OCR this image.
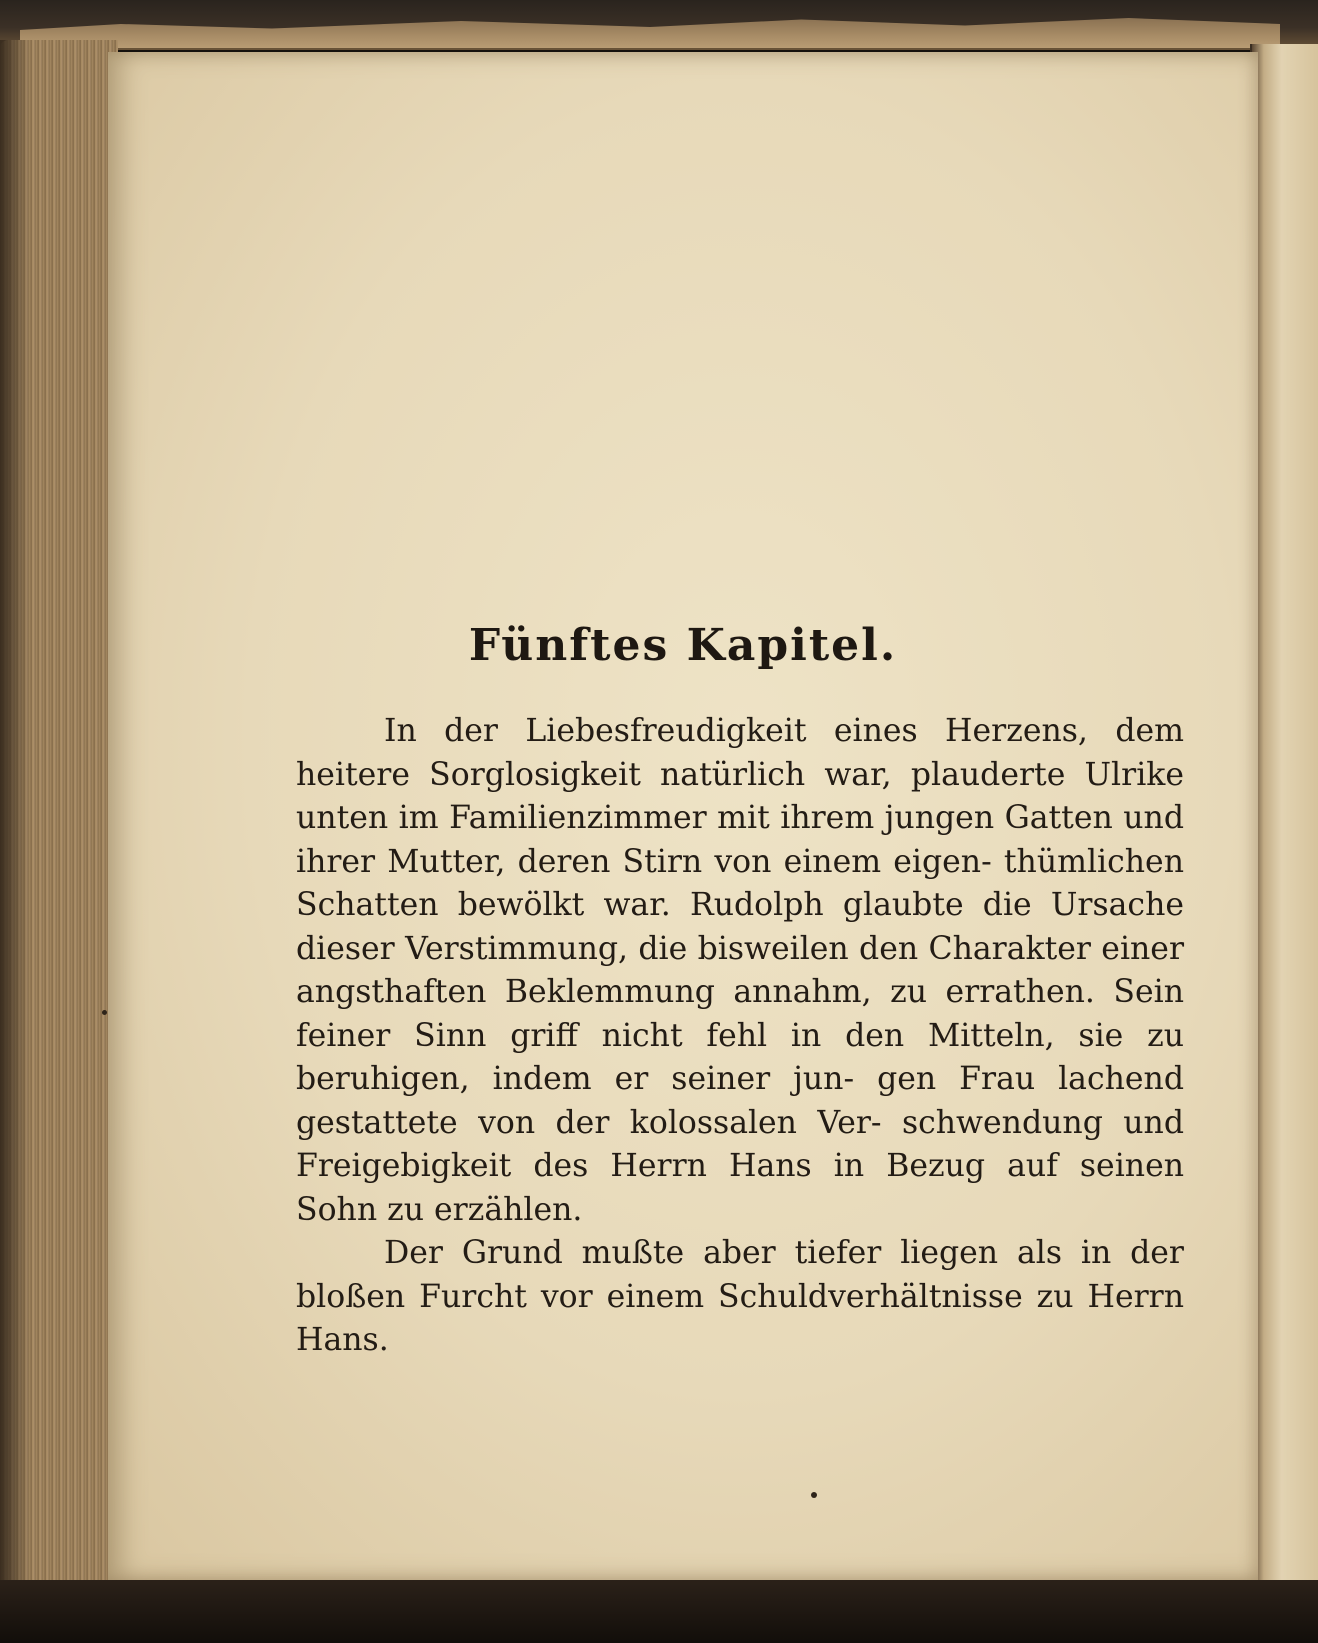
Fünftes Kapitel.

In der Liebesfreudigkeit eines Herzens, dem heitere Sorglosigkeit natürlich war, plauderte Ulrike unten im Familienzimmer mit ihrem jungen Gatten und ihrer Mutter, deren Stirn von einem eigen- thümlichen Schatten bewölkt war. Rudolph glaubte die Ursache dieser Verstimmung, die bisweilen den Charakter einer angsthaften Beklemmung annahm, zu errathen. Sein feiner Sinn griff nicht fehl in den Mitteln, sie zu beruhigen, indem er seiner jun- gen Frau lachend gestattete von der kolossalen Ver- schwendung und Freigebigkeit des Herrn Hans in Bezug auf seinen Sohn zu erzählen.

Der Grund mußte aber tiefer liegen als in der bloßen Furcht vor einem Schuldverhältnisse zu Herrn Hans.
